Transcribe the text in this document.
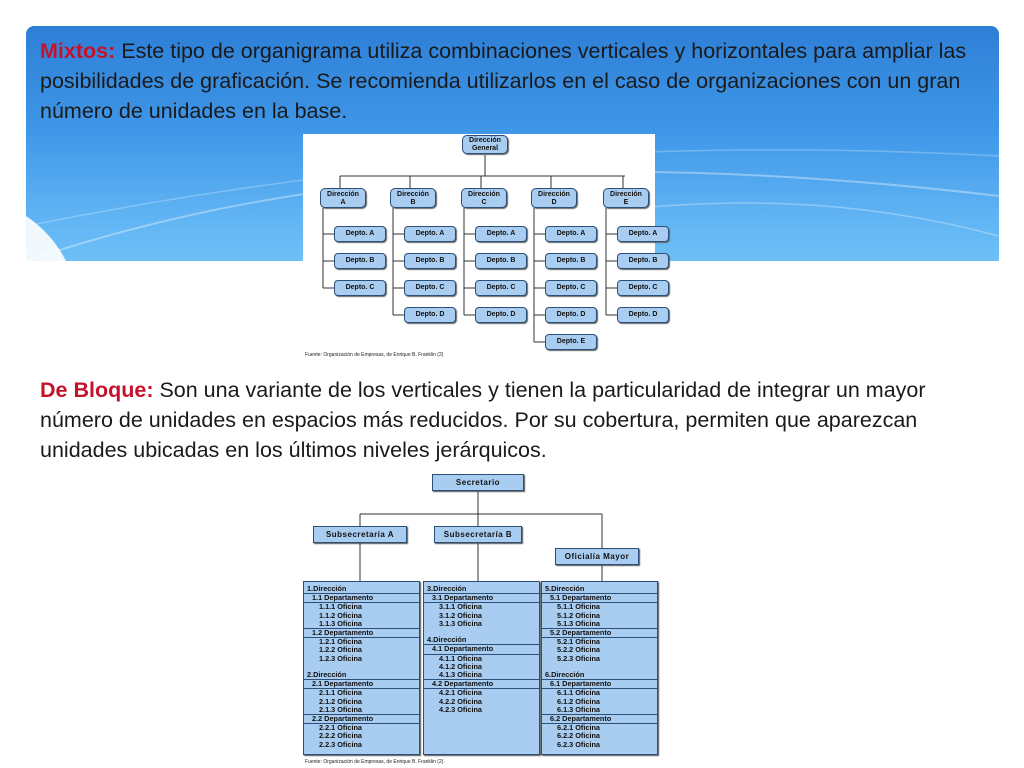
Mixtos: Este tipo de organigrama utiliza combinaciones verticales y horizontales para ampliar las posibilidades de graficación. Se recomienda utilizarlos en el caso de organizaciones con un gran número de unidades en la base.

Dirección
General
Dirección
A
Depto. A
Depto. B
Depto. C
Dirección
B
Depto. A
Depto. B
Depto. C
Depto. D
Dirección
C
Depto. A
Depto. B
Depto. C
Depto. D
Dirección
D
Depto. A
Depto. B
Depto. C
Depto. D
Depto. E
Dirección
E
Depto. A
Depto. B
Depto. C
Depto. D
Fuente: Organización de Empresas, de Enrique B. Franklin (2)

De Bloque: Son una variante de los verticales y tienen la particularidad de integrar un mayor número de unidades en espacios más reducidos. Por su cobertura, permiten que aparezcan unidades ubicadas en los últimos niveles jerárquicos.

Secretario
Subsecretaría A	Subsecretaría B
Oficialía Mayor
1.Dirección
1.1 Departamento
1.1.1 Oficina
1.1.2 Oficina
1.1.3 Oficina
1.2 Departamento
1.2.1 Oficina
1.2.2 Oficina
1.2.3 Oficina
2.Dirección
2.1 Departamento
2.1.1 Oficina
2.1.2 Oficina
2.1.3 Oficina
2.2 Departamento
2.2.1 Oficina
2.2.2 Oficina
2.2.3 Oficina
3.Dirección
3.1 Departamento
3.1.1 Oficina
3.1.2 Oficina
3.1.3 Oficina
4.Dirección
4.1 Departamento
4.1.1 Oficina
4.1.2 Oficina
4.1.3 Oficina
4.2 Departamento
4.2.1 Oficina
4.2.2 Oficina
4.2.3 Oficina
5.Dirección
5.1 Departamento
5.1.1 Oficina
5.1.2 Oficina
5.1.3 Oficina
5.2 Departamento
5.2.1 Oficina
5.2.2 Oficina
5.2.3 Oficina
6.Dirección
6.1 Departamento
6.1.1 Oficina
6.1.2 Oficina
6.1.3 Oficina
6.2 Departamento
6.2.1 Oficina
6.2.2 Oficina
6.2.3 Oficina
Fuente: Organización de Empresas, de Enrique B. Franklin (2).
